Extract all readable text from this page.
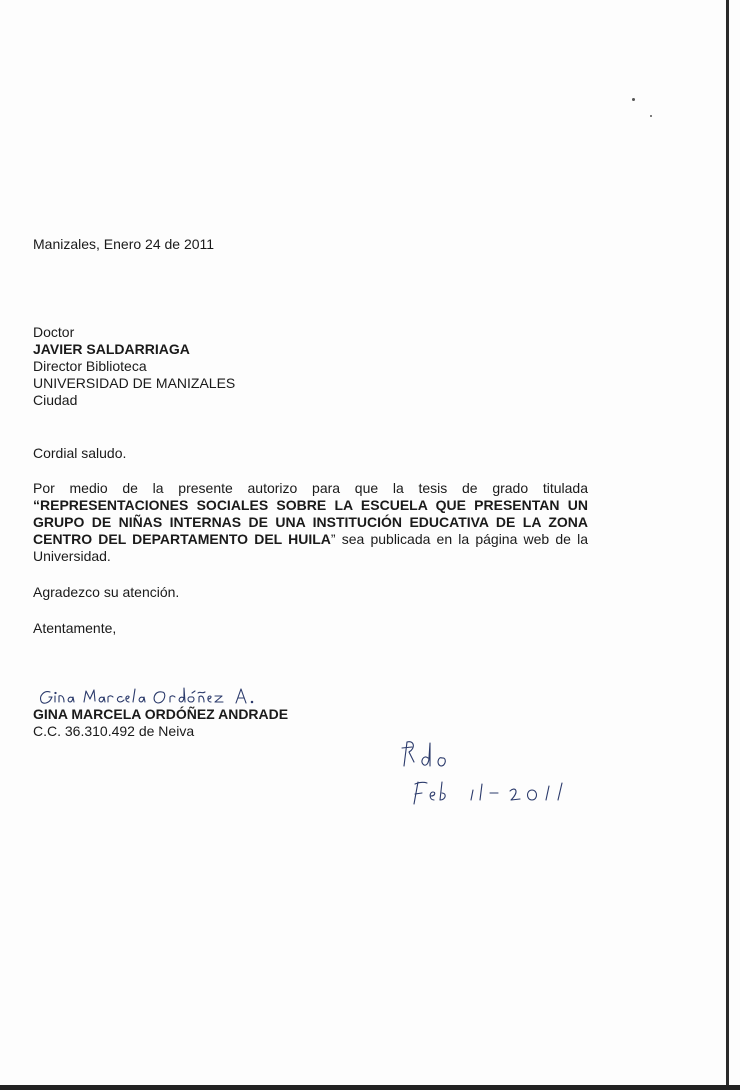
Manizales, Enero 24 de 2011
Doctor
JAVIER SALDARRIAGA
Director Biblioteca
UNIVERSIDAD DE MANIZALES
Ciudad
Cordial saludo.
Por medio de la presente autorizo para que la tesis de grado titulada “REPRESENTACIONES SOCIALES SOBRE LA ESCUELA QUE PRESENTAN UN GRUPO DE NIÑAS INTERNAS DE UNA INSTITUCIÓN EDUCATIVA DE LA ZONA CENTRO DEL DEPARTAMENTO DEL HUILA” sea publicada en la página web de la Universidad.
Agradezco su atención.
Atentamente,
GINA MARCELA ORDÓÑEZ ANDRADE
C.C. 36.310.492 de Neiva
